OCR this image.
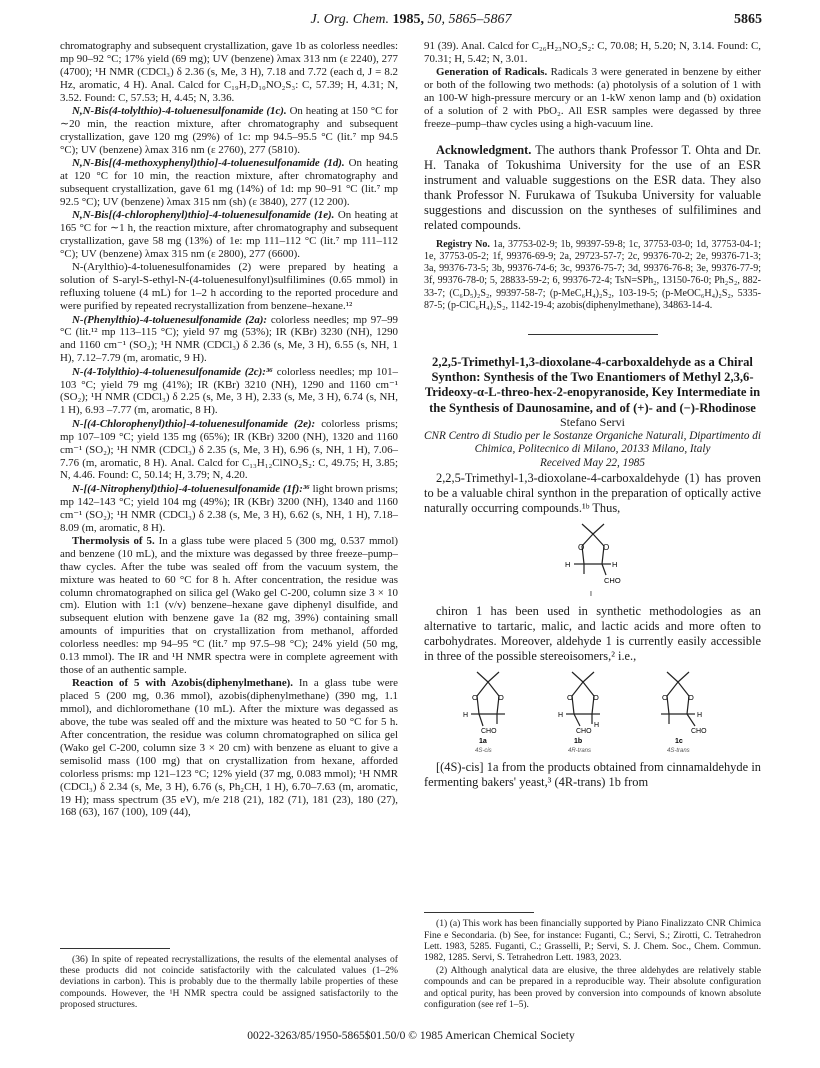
J. Org. Chem. 1985, 50, 5865–5867	5865

chromatography and subsequent crystallization, gave 1b as colorless needles: mp 90–92 °C; 17% yield (69 mg); UV (benzene) λmax 313 nm (ε 2240), 277 (4700); ¹H NMR (CDCl₃) δ 2.36 (s, Me, 3 H), 7.18 and 7.72 (each d, J = 8.2 Hz, aromatic, 4 H). Anal. Calcd for C₁₉H₇D₁₀NO₂S₃: C, 57.39; H, 4.31; N, 3.52. Found: C, 57.53; H, 4.45; N, 3.36.

N,N-Bis(4-tolylthio)-4-toluenesulfonamide (1c). On heating at 150 °C for ∼20 min, the reaction mixture, after chromatography and subsequent crystallization, gave 120 mg (29%) of 1c: mp 94.5–95.5 °C (lit.⁷ mp 94.5 °C); UV (benzene) λmax 316 nm (ε 2760), 277 (5810).

N,N-Bis[(4-methoxyphenyl)thio]-4-toluenesulfonamide (1d). On heating at 120 °C for 10 min, the reaction mixture, after chromatography and subsequent crystallization, gave 61 mg (14%) of 1d: mp 90–91 °C (lit.⁷ mp 92.5 °C); UV (benzene) λmax 315 nm (sh) (ε 3840), 277 (12 200).

N,N-Bis[(4-chlorophenyl)thio]-4-toluenesulfonamide (1e). On heating at 165 °C for ∼1 h, the reaction mixture, after chromatography and subsequent crystallization, gave 58 mg (13%) of 1e: mp 111–112 °C (lit.⁷ mp 111–112 °C); UV (benzene) λmax 315 nm (ε 2800), 277 (6600).

N-(Arylthio)-4-toluenesulfonamides (2) were prepared by heating a solution of S-aryl-S-ethyl-N-(4-toluenesulfonyl)sulfilimines (0.65 mmol) in refluxing toluene (4 mL) for 1–2 h according to the reported procedure and were purified by repeated recrystallization from benzene–hexane.¹²

N-(Phenylthio)-4-toluenesulfonamide (2a): colorless needles; mp 97–99 °C (lit.¹² mp 113–115 °C); yield 97 mg (53%); IR (KBr) 3230 (NH), 1290 and 1160 cm⁻¹ (SO₂); ¹H NMR (CDCl₃) δ 2.36 (s, Me, 3 H), 6.55 (s, NH, 1 H), 7.12–7.79 (m, aromatic, 9 H).

N-(4-Tolylthio)-4-toluenesulfonamide (2c):³⁶ colorless needles; mp 101–103 °C; yield 79 mg (41%); IR (KBr) 3210 (NH), 1290 and 1160 cm⁻¹ (SO₂); ¹H NMR (CDCl₃) δ 2.25 (s, Me, 3 H), 2.33 (s, Me, 3 H), 6.74 (s, NH, 1 H), 6.93 –7.77 (m, aromatic, 8 H).

N-[(4-Chlorophenyl)thio]-4-toluenesulfonamide (2e): colorless prisms; mp 107–109 °C; yield 135 mg (65%); IR (KBr) 3200 (NH), 1320 and 1160 cm⁻¹ (SO₂); ¹H NMR (CDCl₃) δ 2.35 (s, Me, 3 H), 6.96 (s, NH, 1 H), 7.06–7.76 (m, aromatic, 8 H). Anal. Calcd for C₁₃H₁₂ClNO₂S₂: C, 49.75; H, 3.85; N, 4.46. Found: C, 50.14; H, 3.79; N, 4.20.

N-[(4-Nitrophenyl)thio]-4-toluenesulfonamide (1f):³⁶ light brown prisms; mp 142–143 °C; yield 104 mg (49%); IR (KBr) 3200 (NH), 1340 and 1160 cm⁻¹ (SO₂); ¹H NMR (CDCl₃) δ 2.38 (s, Me, 3 H), 6.62 (s, NH, 1 H), 7.18–8.09 (m, aromatic, 8 H).

Thermolysis of 5. In a glass tube were placed 5 (300 mg, 0.537 mmol) and benzene (10 mL), and the mixture was degassed by three freeze–pump–thaw cycles. After the tube was sealed off from the vacuum system, the mixture was heated to 60 °C for 8 h. After concentration, the residue was column chromatographed on silica gel (Wako gel C-200, column size 3 × 10 cm). Elution with 1:1 (v/v) benzene–hexane gave diphenyl disulfide, and subsequent elution with benzene gave 1a (82 mg, 39%) containing small amounts of impurities that on crystallization from methanol, afforded colorless needles: mp 94–95 °C (lit.⁷ mp 97.5–98 °C); 24% yield (50 mg, 0.13 mmol). The IR and ¹H NMR spectra were in complete agreement with those of an authentic sample.

Reaction of 5 with Azobis(diphenylmethane). In a glass tube were placed 5 (200 mg, 0.36 mmol), azobis(diphenylmethane) (390 mg, 1.1 mmol), and dichloromethane (10 mL). After the mixture was degassed as above, the tube was sealed off and the mixture was heated to 50 °C for 5 h. After concentration, the residue was column chromatographed on silica gel (Wako gel C-200, column size 3 × 20 cm) with benzene as eluant to give a semisolid mass (100 mg) that on crystallization from hexane, afforded colorless prisms: mp 121–123 °C; 12% yield (37 mg, 0.083 mmol); ¹H NMR (CDCl₃) δ 2.34 (s, Me, 3 H), 6.76 (s, Ph₂CH, 1 H), 6.70–7.63 (m, aromatic, 19 H); mass spectrum (35 eV), m/e 218 (21), 182 (71), 181 (23), 180 (27), 168 (63), 167 (100), 109 (44),

(36) In spite of repeated recrystallizations, the results of the elemental analyses of these products did not coincide satisfactorily with the calculated values (1–2% deviations in carbon). This is probably due to the thermally labile properties of these compounds. However, the ¹H NMR spectra could be assigned satisfactorily to the proposed structures.

91 (39). Anal. Calcd for C₂₆H₂₃NO₂S₂: C, 70.08; H, 5.20; N, 3.14. Found: C, 70.31; H, 5.42; N, 3.01.

Generation of Radicals. Radicals 3 were generated in benzene by either or both of the following two methods: (a) photolysis of a solution of 1 with an 100-W high-pressure mercury or an 1-kW xenon lamp and (b) oxidation of a solution of 2 with PbO₂. All ESR samples were degassed by three freeze–pump–thaw cycles using a high-vacuum line.

Acknowledgment. The authors thank Professor T. Ohta and Dr. H. Tanaka of Tokushima University for the use of an ESR instrument and valuable suggestions on the ESR data. They also thank Professor N. Furukawa of Tsukuba University for valuable suggestions and discussion on the syntheses of sulfilimines and related compounds.

Registry No. 1a, 37753-02-9; 1b, 99397-59-8; 1c, 37753-03-0; 1d, 37753-04-1; 1e, 37753-05-2; 1f, 99376-69-9; 2a, 29723-57-7; 2c, 99376-70-2; 2e, 99376-71-3; 3a, 99376-73-5; 3b, 99376-74-6; 3c, 99376-75-7; 3d, 99376-76-8; 3e, 99376-77-9; 3f, 99376-78-0; 5, 28833-59-2; 6, 99376-72-4; TsN=SPh₂, 13150-76-0; Ph₂S₂, 882-33-7; (C₆D₅)₂S₂, 99397-58-7; (p-MeC₆H₄)₂S₂, 103-19-5; (p-MeOC₆H₄)₂S₂, 5335-87-5; (p-ClC₆H₄)₂S₂, 1142-19-4; azobis(diphenylmethane), 34863-14-4.

2,2,5-Trimethyl-1,3-dioxolane-4-carboxaldehyde as a Chiral Synthon: Synthesis of the Two Enantiomers of Methyl 2,3,6-Trideoxy-α-L-threo-hex-2-enopyranoside, Key Intermediate in the Synthesis of Daunosamine, and of (+)- and (−)-Rhodinose

Stefano Servi

CNR Centro di Studio per le Sostanze Organiche Naturali, Dipartimento di Chimica, Politecnico di Milano, 20133 Milano, Italy

Received May 22, 1985

2,2,5-Trimethyl-1,3-dioxolane-4-carboxaldehyde (1) has proven to be a valuable chiral synthon in the preparation of optically active naturally occurring compounds.¹ᵇ Thus,

O O
H	H
CHO
I

chiron 1 has been used in synthetic methodologies as an alternative to tartaric, malic, and lactic acids and more often to carbohydrates. Moreover, aldehyde 1 is currently easily accessible in three of the possible stereoisomers,² i.e.,

O	O
H
CHO
1a
4S-cis
O	O
H
H
CHO
1b
4R-trans
O	O
H
CHO
1c
4S-trans

[(4S)-cis] 1a from the products obtained from cinnamaldehyde in fermenting bakers' yeast,³ (4R-trans) 1b from

(1) (a) This work has been financially supported by Piano Finalizzato CNR Chimica Fine e Secondaria. (b) See, for instance: Fuganti, C.; Servi, S.; Zirotti, C. Tetrahedron Lett. 1983, 5285. Fuganti, C.; Grasselli, P.; Servi, S. J. Chem. Soc., Chem. Commun. 1982, 1285. Servi, S. Tetrahedron Lett. 1983, 2023.

(2) Although analytical data are elusive, the three aldehydes are relatively stable compounds and can be prepared in a reproducible way. Their absolute configuration and optical purity, has been proved by conversion into compounds of known absolute configuration (see ref 1–5).

0022-3263/85/1950-5865$01.50/0 © 1985 American Chemical Society
